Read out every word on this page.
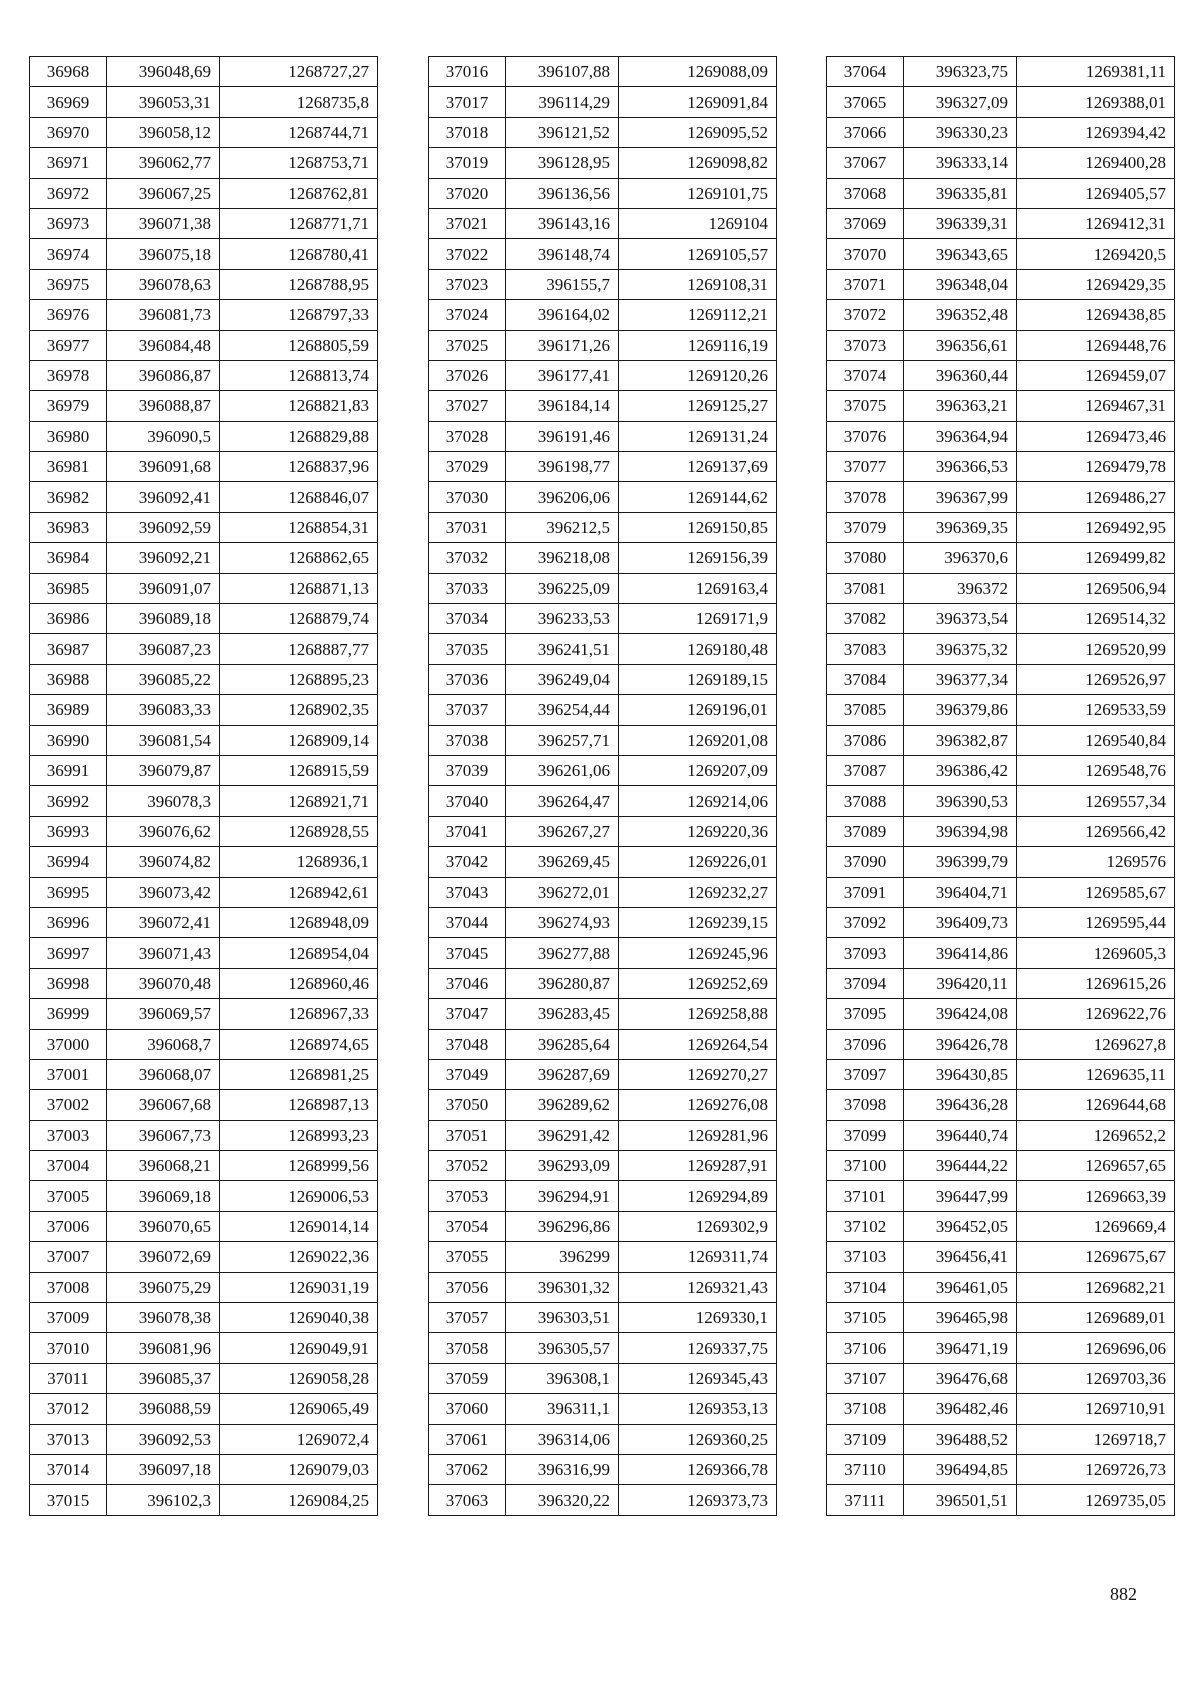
36968	396048,69	1268727,27
36969	396053,31	1268735,8
36970	396058,12	1268744,71
36971	396062,77	1268753,71
36972	396067,25	1268762,81
36973	396071,38	1268771,71
36974	396075,18	1268780,41
36975	396078,63	1268788,95
36976	396081,73	1268797,33
36977	396084,48	1268805,59
36978	396086,87	1268813,74
36979	396088,87	1268821,83
36980	396090,5	1268829,88
36981	396091,68	1268837,96
36982	396092,41	1268846,07
36983	396092,59	1268854,31
36984	396092,21	1268862,65
36985	396091,07	1268871,13
36986	396089,18	1268879,74
36987	396087,23	1268887,77
36988	396085,22	1268895,23
36989	396083,33	1268902,35
36990	396081,54	1268909,14
36991	396079,87	1268915,59
36992	396078,3	1268921,71
36993	396076,62	1268928,55
36994	396074,82	1268936,1
36995	396073,42	1268942,61
36996	396072,41	1268948,09
36997	396071,43	1268954,04
36998	396070,48	1268960,46
36999	396069,57	1268967,33
37000	396068,7	1268974,65
37001	396068,07	1268981,25
37002	396067,68	1268987,13
37003	396067,73	1268993,23
37004	396068,21	1268999,56
37005	396069,18	1269006,53
37006	396070,65	1269014,14
37007	396072,69	1269022,36
37008	396075,29	1269031,19
37009	396078,38	1269040,38
37010	396081,96	1269049,91
37011	396085,37	1269058,28
37012	396088,59	1269065,49
37013	396092,53	1269072,4
37014	396097,18	1269079,03
37015	396102,3	1269084,25
37016	396107,88	1269088,09
37017	396114,29	1269091,84
37018	396121,52	1269095,52
37019	396128,95	1269098,82
37020	396136,56	1269101,75
37021	396143,16	1269104
37022	396148,74	1269105,57
37023	396155,7	1269108,31
37024	396164,02	1269112,21
37025	396171,26	1269116,19
37026	396177,41	1269120,26
37027	396184,14	1269125,27
37028	396191,46	1269131,24
37029	396198,77	1269137,69
37030	396206,06	1269144,62
37031	396212,5	1269150,85
37032	396218,08	1269156,39
37033	396225,09	1269163,4
37034	396233,53	1269171,9
37035	396241,51	1269180,48
37036	396249,04	1269189,15
37037	396254,44	1269196,01
37038	396257,71	1269201,08
37039	396261,06	1269207,09
37040	396264,47	1269214,06
37041	396267,27	1269220,36
37042	396269,45	1269226,01
37043	396272,01	1269232,27
37044	396274,93	1269239,15
37045	396277,88	1269245,96
37046	396280,87	1269252,69
37047	396283,45	1269258,88
37048	396285,64	1269264,54
37049	396287,69	1269270,27
37050	396289,62	1269276,08
37051	396291,42	1269281,96
37052	396293,09	1269287,91
37053	396294,91	1269294,89
37054	396296,86	1269302,9
37055	396299	1269311,74
37056	396301,32	1269321,43
37057	396303,51	1269330,1
37058	396305,57	1269337,75
37059	396308,1	1269345,43
37060	396311,1	1269353,13
37061	396314,06	1269360,25
37062	396316,99	1269366,78
37063	396320,22	1269373,73
37064	396323,75	1269381,11
37065	396327,09	1269388,01
37066	396330,23	1269394,42
37067	396333,14	1269400,28
37068	396335,81	1269405,57
37069	396339,31	1269412,31
37070	396343,65	1269420,5
37071	396348,04	1269429,35
37072	396352,48	1269438,85
37073	396356,61	1269448,76
37074	396360,44	1269459,07
37075	396363,21	1269467,31
37076	396364,94	1269473,46
37077	396366,53	1269479,78
37078	396367,99	1269486,27
37079	396369,35	1269492,95
37080	396370,6	1269499,82
37081	396372	1269506,94
37082	396373,54	1269514,32
37083	396375,32	1269520,99
37084	396377,34	1269526,97
37085	396379,86	1269533,59
37086	396382,87	1269540,84
37087	396386,42	1269548,76
37088	396390,53	1269557,34
37089	396394,98	1269566,42
37090	396399,79	1269576
37091	396404,71	1269585,67
37092	396409,73	1269595,44
37093	396414,86	1269605,3
37094	396420,11	1269615,26
37095	396424,08	1269622,76
37096	396426,78	1269627,8
37097	396430,85	1269635,11
37098	396436,28	1269644,68
37099	396440,74	1269652,2
37100	396444,22	1269657,65
37101	396447,99	1269663,39
37102	396452,05	1269669,4
37103	396456,41	1269675,67
37104	396461,05	1269682,21
37105	396465,98	1269689,01
37106	396471,19	1269696,06
37107	396476,68	1269703,36
37108	396482,46	1269710,91
37109	396488,52	1269718,7
37110	396494,85	1269726,73
37111	396501,51	1269735,05
882
